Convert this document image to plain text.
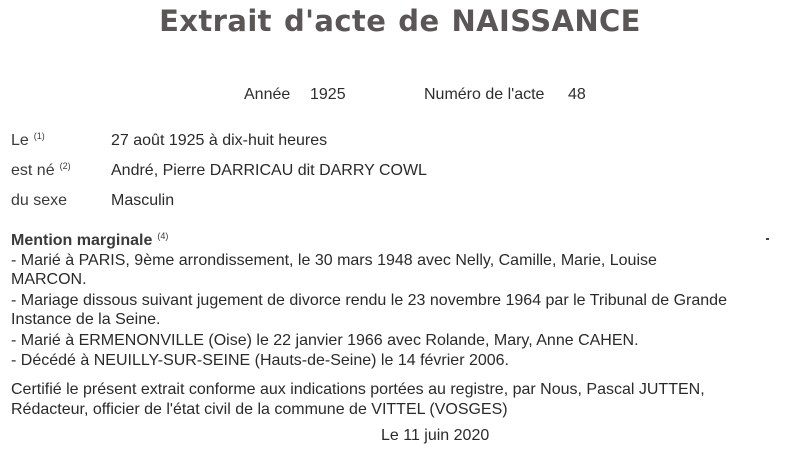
Extrait d'acte de NAISSANCE
Année 1925	Numéro de l'acte 48
Le $^{(1)}$	27 août 1925 à dix-huit heures
est né $^{(2)}$	André, Pierre DARRICAU dit DARRY COWL
du sexe	Masculin
Mention marginale $^{(4)}$
- Marié à PARIS, 9ème arrondissement, le 30 mars 1948 avec Nelly, Camille, Marie, Louise
MARCON.
- Mariage dissous suivant jugement de divorce rendu le 23 novembre 1964 par le Tribunal de Grande
Instance de la Seine.
- Marié à ERMENONVILLE (Oise) le 22 janvier 1966 avec Rolande, Mary, Anne CAHEN.
- Décédé à NEUILLY-SUR-SEINE (Hauts-de-Seine) le 14 février 2006.
Certifié le présent extrait conforme aux indications portées au registre, par Nous, Pascal JUTTEN,
Rédacteur, officier de l'état civil de la commune de VITTEL (VOSGES)
Le 11 juin 2020
